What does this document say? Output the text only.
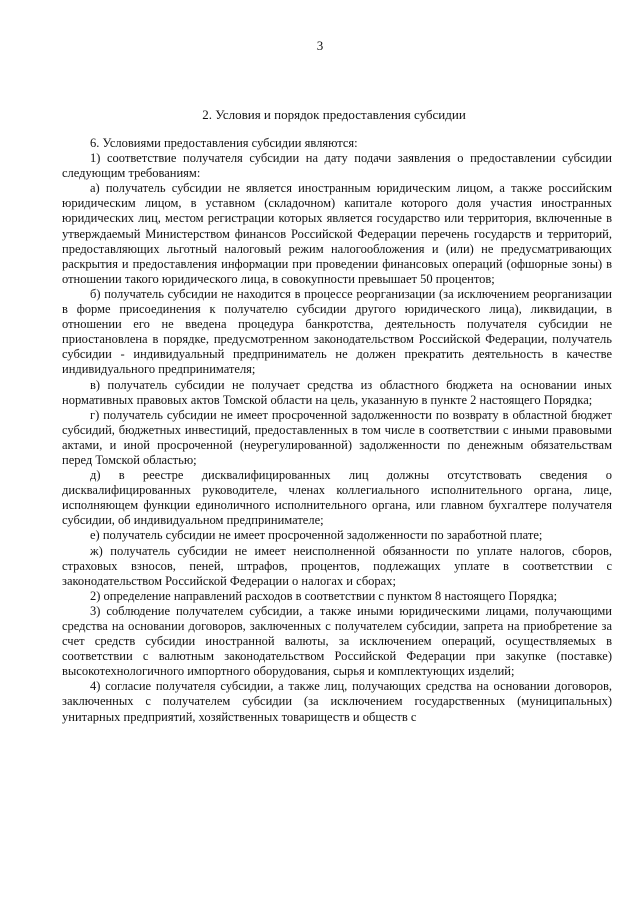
3
2. Условия и порядок предоставления субсидии

6. Условиями предоставления субсидии являются:

1) соответствие получателя субсидии на дату подачи заявления о предоставлении субсидии следующим требованиям:

а) получатель субсидии не является иностранным юридическим лицом, а также российским юридическим лицом, в уставном (складочном) капитале которого доля участия иностранных юридических лиц, местом регистрации которых является государство или территория, включенные в утверждаемый Министерством финансов Российской Федерации перечень государств и территорий, предоставляющих льготный налоговый режим налогообложения и (или) не предусматривающих раскрытия и предоставления информации при проведении финансовых операций (офшорные зоны) в отношении такого юридического лица, в совокупности превышает 50 процентов;

б) получатель субсидии не находится в процессе реорганизации (за исключением реорганизации в форме присоединения к получателю субсидии другого юридического лица), ликвидации, в отношении его не введена процедура банкротства, деятельность получателя субсидии не приостановлена в порядке, предусмотренном законодательством Российской Федерации, получатель субсидии - индивидуальный предприниматель не должен прекратить деятельность в качестве индивидуального предпринимателя;

в) получатель субсидии не получает средства из областного бюджета на основании иных нормативных правовых актов Томской области на цель, указанную в пункте 2 настоящего Порядка;

г) получатель субсидии не имеет просроченной задолженности по возврату в областной бюджет субсидий, бюджетных инвестиций, предоставленных в том числе в соответствии с иными правовыми актами, и иной просроченной (неурегулированной) задолженности по денежным обязательствам перед Томской областью;

д) в реестре дисквалифицированных лиц должны отсутствовать сведения о дисквалифицированных руководителе, членах коллегиального исполнительного органа, лице, исполняющем функции единоличного исполнительного органа, или главном бухгалтере получателя субсидии, об индивидуальном предпринимателе;

е) получатель субсидии не имеет просроченной задолженности по заработной плате;

ж) получатель субсидии не имеет неисполненной обязанности по уплате налогов, сборов, страховых взносов, пеней, штрафов, процентов, подлежащих уплате в соответствии с законодательством Российской Федерации о налогах и сборах;

2) определение направлений расходов в соответствии с пунктом 8 настоящего Порядка;

3) соблюдение получателем субсидии, а также иными юридическими лицами, получающими средства на основании договоров, заключенных с получателем субсидии, запрета на приобретение за счет средств субсидии иностранной валюты, за исключением операций, осуществляемых в соответствии с валютным законодательством Российской Федерации при закупке (поставке) высокотехнологичного импортного оборудования, сырья и комплектующих изделий;

4) согласие получателя субсидии, а также лиц, получающих средства на основании договоров, заключенных с получателем субсидии (за исключением государственных (муниципальных) унитарных предприятий, хозяйственных товариществ и обществ с
